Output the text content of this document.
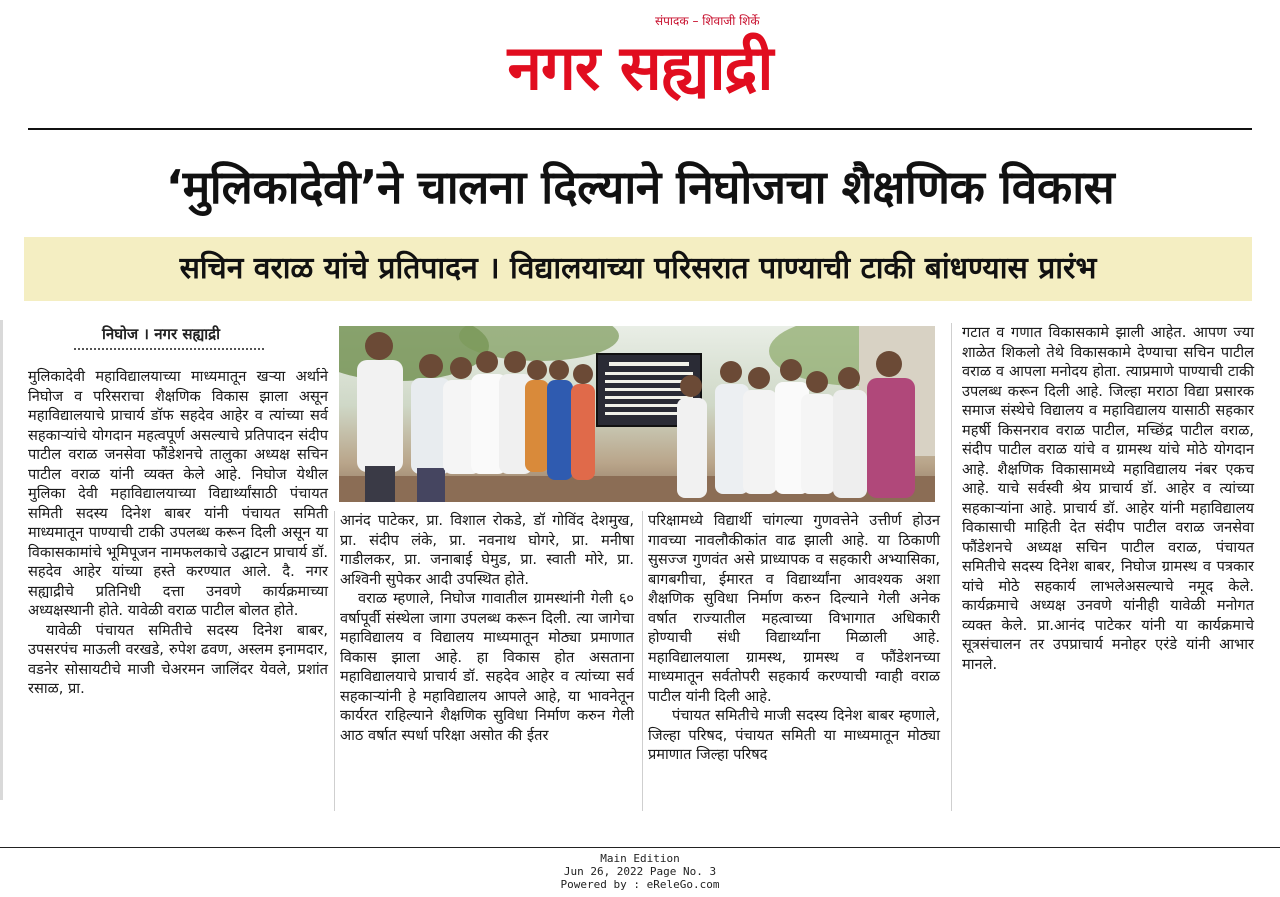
संपादक – शिवाजी शिर्के
नगर सह्याद्री
‘मुलिकादेवी’ने चालना दिल्याने निघोजचा शैक्षणिक विकास
सचिन वराळ यांचे प्रतिपादन । विद्यालयाच्या परिसरात पाण्याची टाकी बांधण्यास प्रारंभ
निघोज । नगर सह्याद्री

मुलिकादेवी महाविद्यालयाच्या माध्यमातून खऱ्या अर्थाने निघोज व परिसराचा शैक्षणिक विकास झाला असून महाविद्यालयाचे प्राचार्य डॉफ सहदेव आहेर व त्यांच्या सर्व सहकाऱ्यांचे योगदान महत्वपूर्ण असल्याचे प्रतिपादन संदीप पाटील वराळ जनसेवा फौंडेशनचे तालुका अध्यक्ष सचिन पाटील वराळ यांनी व्यक्त केले आहे. निघोज येथील मुलिका देवी महाविद्यालयाच्या विद्यार्थ्यांसाठी पंचायत समिती सदस्य दिनेश बाबर यांनी पंचायत समिती माध्यमातून पाण्याची टाकी उपलब्ध करून दिली असून या विकासकामांचे भूमिपूजन नामफलकाचे उद्घाटन प्राचार्य डॉ. सहदेव आहेर यांच्या हस्ते करण्यात आले. दै. नगर सह्याद्रीचे प्रतिनिधी दत्ता उनवणे कार्यक्रमाच्या अध्यक्षस्थानी होते. यावेळी वराळ पाटील बोलत होते.

यावेळी पंचायत समितीचे सदस्य दिनेश बाबर, उपसरपंच माऊली वरखडे, रुपेश ढवण, अस्लम इनामदार, वडनेर सोसायटीचे माजी चेअरमन जालिंदर येवले, प्रशांत रसाळ, प्रा.

आनंद पाटेकर, प्रा. विशाल रोकडे, डॉ गोविंद देशमुख, प्रा. संदीप लंके, प्रा. नवनाथ घोगरे, प्रा. मनीषा गाडीलकर, प्रा. जनाबाई घेमुड, प्रा. स्वाती मोरे, प्रा. अश्विनी सुपेकर आदी उपस्थित होते.

वराळ म्हणाले, निघोज गावातील ग्रामस्थांनी गेली ६० वर्षापूर्वी संस्थेला जागा उपलब्ध करून दिली. त्या जागेचा महाविद्यालय व विद्यालय माध्यमातून मोठ्या प्रमाणात विकास झाला आहे. हा विकास होत असताना महाविद्यालयाचे प्राचार्य डॉ. सहदेव आहेर व त्यांच्या सर्व सहकाऱ्यांनी हे महाविद्यालय आपले आहे, या भावनेतून कार्यरत राहिल्याने शैक्षणिक सुविधा निर्माण करुन गेली आठ वर्षात स्पर्धा परिक्षा असोत की ईतर

परिक्षामध्ये विद्यार्थी चांगल्या गुणवत्तेने उत्तीर्ण होउन गावच्या नावलौकीकांत वाढ झाली आहे. या ठिकाणी सुसज्ज गुणवंत असे प्राध्यापक व सहकारी अभ्यासिका, बागबगीचा, ईमारत व विद्यार्थ्यांना आवश्यक अशा शैक्षणिक सुविधा निर्माण करुन दिल्याने गेली अनेक वर्षात राज्यातील महत्वाच्या विभागात अधिकारी होण्याची संधी विद्यार्थ्यांना मिळाली आहे. महाविद्यालयाला ग्रामस्थ, ग्रामस्थ व फौंडेशनच्या माध्यमातून सर्वतोपरी सहकार्य करण्याची ग्वाही वराळ पाटील यांनी दिली आहे.

पंचायत समितीचे माजी सदस्य दिनेश बाबर म्हणाले, जिल्हा परिषद, पंचायत समिती या माध्यमातून मोठ्या प्रमाणात जिल्हा परिषद

गटात व गणात विकासकामे झाली आहेत. आपण ज्या शाळेत शिकलो तेथे विकासकामे देण्याचा सचिन पाटील वराळ व आपला मनोदय होता. त्याप्रमाणे पाण्याची टाकी उपलब्ध करून दिली आहे. जिल्हा मराठा विद्या प्रसारक समाज संस्थेचे विद्यालय व महाविद्यालय यासाठी सहकार महर्षी किसनराव वराळ पाटील, मच्छिंद्र पाटील वराळ, संदीप पाटील वराळ यांचे व ग्रामस्थ यांचे मोठे योगदान आहे. शैक्षणिक विकासामध्ये महाविद्यालय नंबर एकच आहे. याचे सर्वस्वी श्रेय प्राचार्य डॉ. आहेर व त्यांच्या सहकाऱ्यांना आहे. प्राचार्य डॉ. आहेर यांनी महाविद्यालय विकासाची माहिती देत संदीप पाटील वराळ जनसेवा फौंडेशनचे अध्यक्ष सचिन पाटील वराळ, पंचायत समितीचे सदस्य दिनेश बाबर, निघोज ग्रामस्थ व पत्रकार यांचे मोठे सहकार्य लाभलेअसल्याचे नमूद केले. कार्यक्रमाचे अध्यक्ष उनवणे यांनीही यावेळी मनोगत व्यक्त केले. प्रा.आनंद पाटेकर यांनी या कार्यक्रमाचे सूत्रसंचालन तर उपप्राचार्य मनोहर एरंडे यांनी आभार मानले.

Main Edition
Jun 26, 2022 Page No. 3
Powered by : eReleGo.com
